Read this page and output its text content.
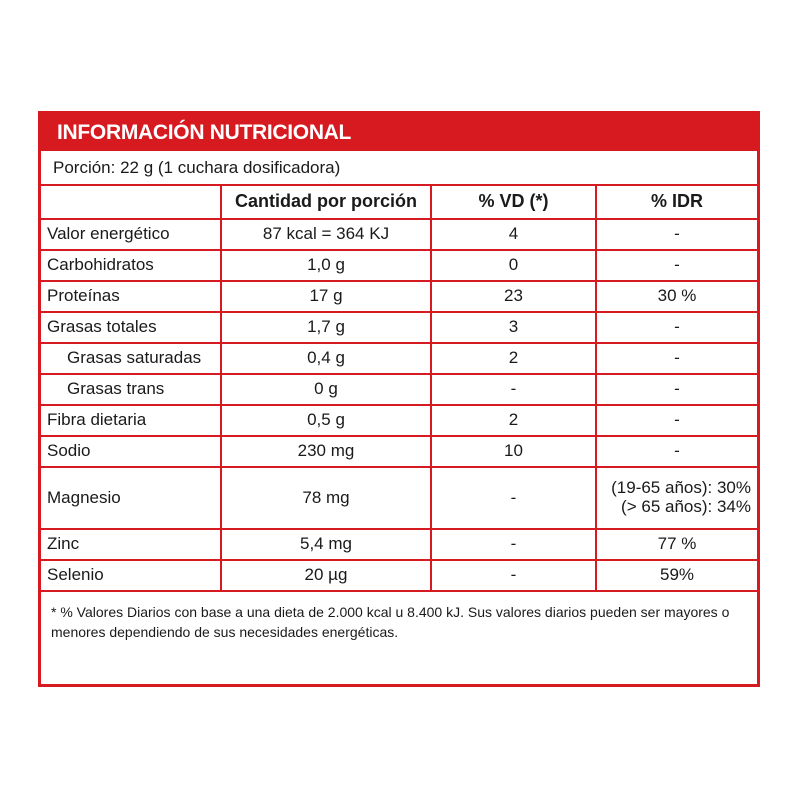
INFORMACIÓN NUTRICIONAL
Porción: 22 g (1 cuchara dosificadora)
	Cantidad por porción	% VD (*)	% IDR
Valor energético	87 kcal = 364 KJ	4	-
Carbohidratos	1,0 g	0	-
Proteínas	17 g	23	30 %
Grasas totales	1,7 g	3	-
Grasas saturadas	0,4 g	2	-
Grasas trans	0 g	-	-
Fibra dietaria	0,5 g	2	-
Sodio	230 mg	10	-
Magnesio	78 mg	-	(19-65 años): 30%
(> 65 años): 34%

Zinc	5,4 mg	-	77 %
Selenio	20 µg	-	59%
* % Valores Diarios con base a una dieta de 2.000 kcal u 8.400 kJ. Sus valores diarios pueden ser mayores o menores dependiendo de sus necesidades energéticas.
